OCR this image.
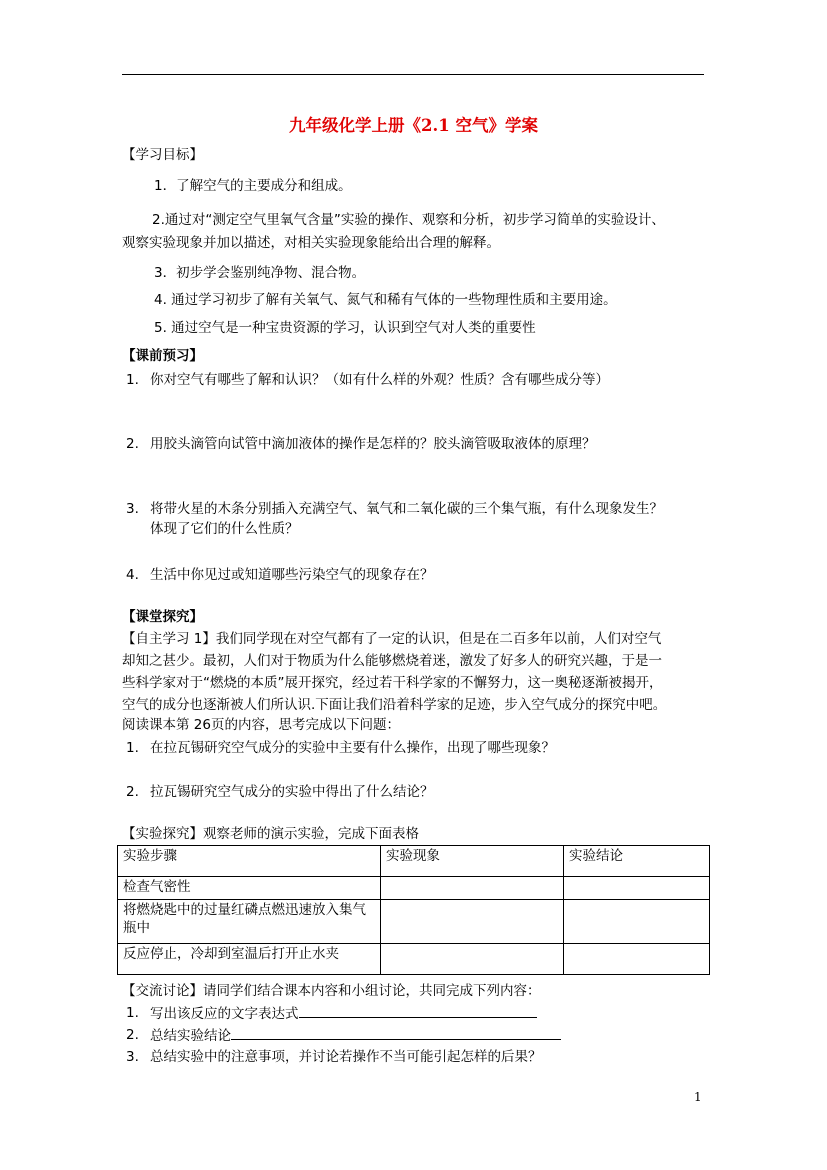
九年级化学上册《2.1 空气》学案
【学习目标】
1．了解空气的主要成分和组成。
2.通过对“测定空气里氧气含量”实验的操作、观察和分析，初步学习简单的实验设计、
观察实验现象并加以描述，对相关实验现象能给出合理的解释。
3．初步学会鉴别纯净物、混合物。
4. 通过学习初步了解有关氧气、氮气和稀有气体的一些物理性质和主要用途。
5. 通过空气是一种宝贵资源的学习，认识到空气对人类的重要性
【课前预习】
1. 你对空气有哪些了解和认识？（如有什么样的外观？性质？含有哪些成分等）
2. 用胶头滴管向试管中滴加液体的操作是怎样的？胶头滴管吸取液体的原理？
3. 将带火星的木条分别插入充满空气、氧气和二氧化碳的三个集气瓶，有什么现象发生？
体现了它们的什么性质？
4. 生活中你见过或知道哪些污染空气的现象存在？
【课堂探究】
【自主学习 1】我们同学现在对空气都有了一定的认识，但是在二百多年以前，人们对空气
却知之甚少。最初，人们对于物质为什么能够燃烧着迷，激发了好多人的研究兴趣，于是一
些科学家对于“燃烧的本质”展开探究，经过若干科学家的不懈努力，这一奥秘逐渐被揭开，
空气的成分也逐渐被人们所认识.下面让我们沿着科学家的足迹，步入空气成分的探究中吧。
阅读课本第 26页的内容，思考完成以下问题：
1. 在拉瓦锡研究空气成分的实验中主要有什么操作，出现了哪些现象？
2. 拉瓦锡研究空气成分的实验中得出了什么结论？
【实验探究】观察老师的演示实验，完成下面表格
实验步骤	实验现象	实验结论
检查气密性		
将燃烧匙中的过量红磷点燃迅速放入集气瓶中		
反应停止，冷却到室温后打开止水夹		
【交流讨论】请同学们结合课本内容和小组讨论，共同完成下列内容：
1. 写出该反应的文字表达式
2. 总结实验结论
3. 总结实验中的注意事项，并讨论若操作不当可能引起怎样的后果？
1
